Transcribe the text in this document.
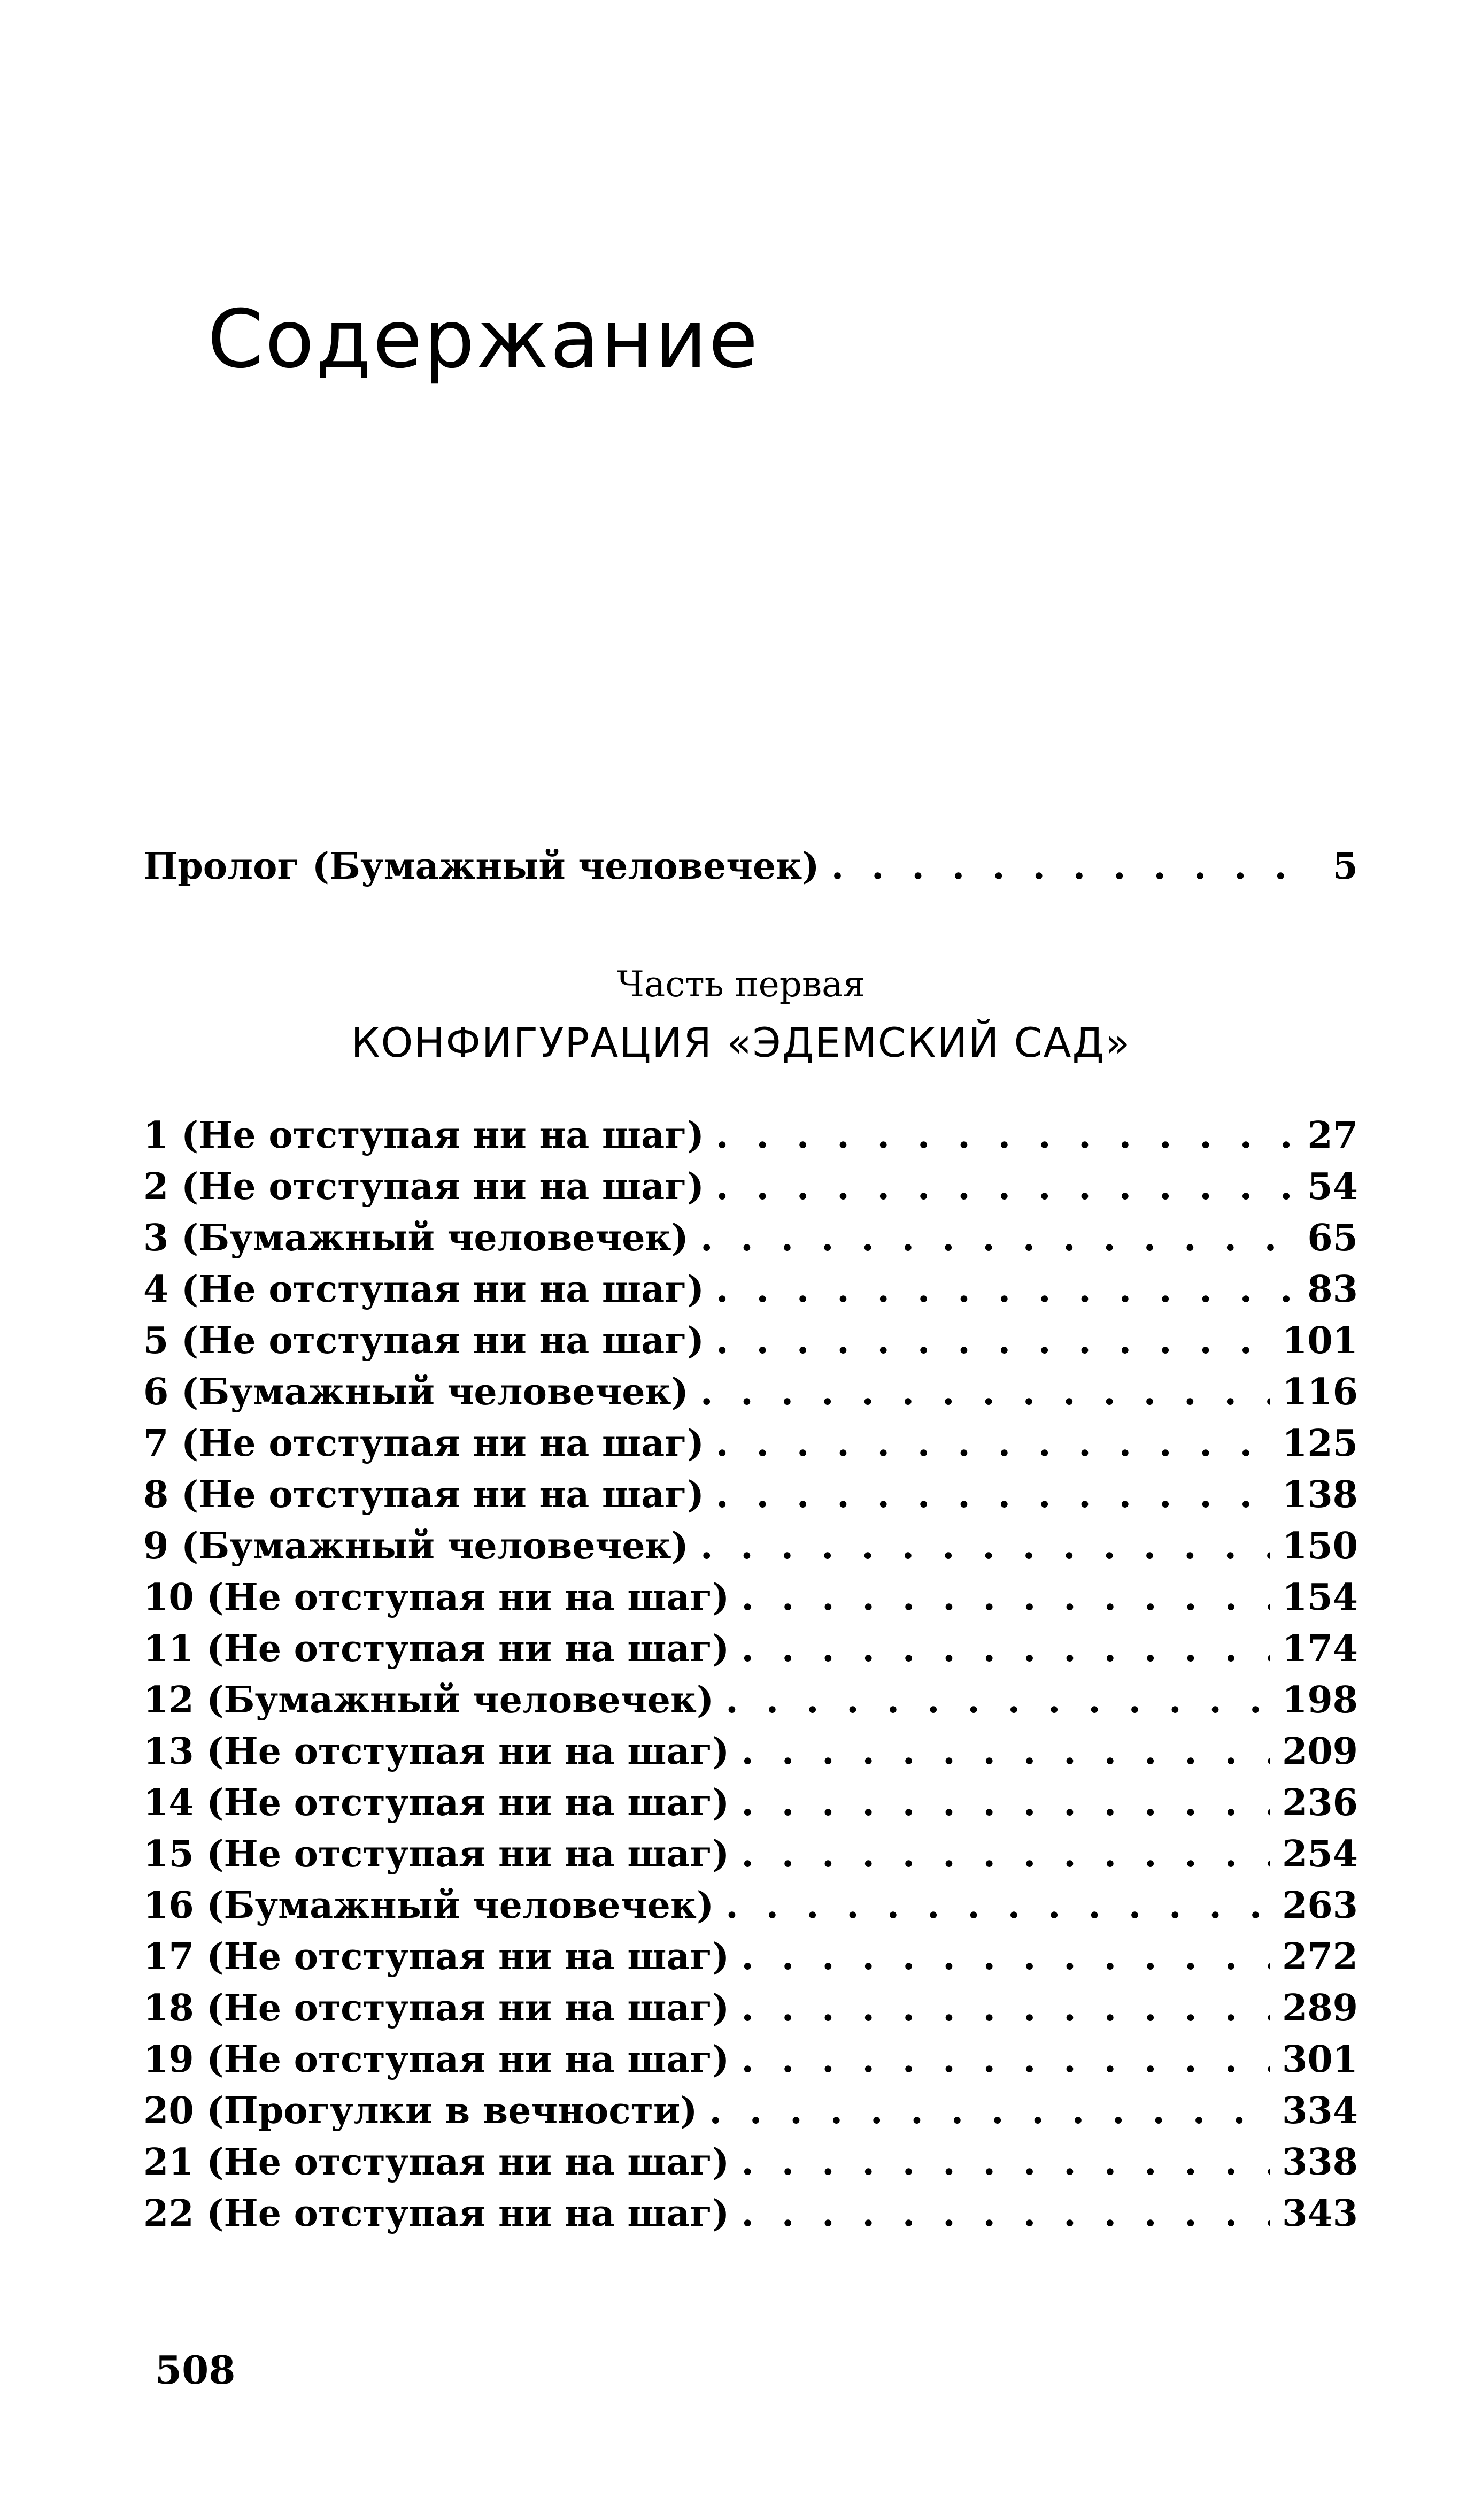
Содержание
Пролог (Бумажный человечек) . . .	5
Часть первая
КОНФИГУРАЦИЯ «ЭДЕМСКИЙ САД»
1 (Не отступая ни на шаг) . . .	27
2 (Не отступая ни на шаг) . . .	54
3 (Бумажный человечек) . . .	65
4 (Не отступая ни на шаг) . . .	83
5 (Не отступая ни на шаг) . . .	101
6 (Бумажный человечек) . . .	116
7 (Не отступая ни на шаг) . . .	125
8 (Не отступая ни на шаг) . . .	138
9 (Бумажный человечек) . . .	150
10 (Не отступая ни на шаг) . . .	154
11 (Не отступая ни на шаг) . . .	174
12 (Бумажный человечек) . . .	198
13 (Не отступая ни на шаг) . . .	209
14 (Не отступая ни на шаг) . . .	236
15 (Не отступая ни на шаг) . . .	254
16 (Бумажный человечек) . . .	263
17 (Не отступая ни на шаг) . . .	272
18 (Не отступая ни на шаг) . . .	289
19 (Не отступая ни на шаг) . . .	301
20 (Прогулки в вечности) . . .	334
21 (Не отступая ни на шаг) . . .	338
22 (Не отступая ни на шаг) . . .	343
508
